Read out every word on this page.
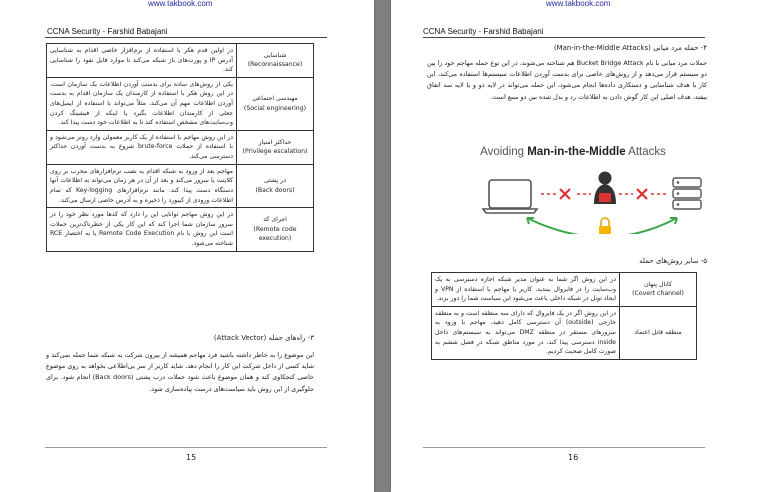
www.takbook.com
CCNA Security - Farshid Babajani
شناسایی
(Reconnaissance)	در اولین قدم هکر با استفاده از نرم‌افزار خاصی اقدام به شناسایی آدرس IP و پورت‌های باز شبکه می‌کند تا موارد قابل نفوذ را شناسایی کند.

مهندسی اجتماعی
(Social engineering)	یکی از روش‌های ساده برای بدست آوردن اطلاعات یک سازمان است، در این روش هکر با استفاده از کارمندان یک سازمان اقدام به بدست آوردن اطلاعات مهم آن می‌کند، مثلاً می‌تواند با استفاده از ایمیل‌های جعلی از کارمندان اطلاعات بگیرد یا اینکه از فیشینگ کردن وب‌سایت‌های مشخص استفاده کند تا به اطلاعات خود دست پیدا کند.

حداکثر امتیاز
(Privilege escalation)	در این روش مهاجم با استفاده از یک کاربر معمولی وارد روتر می‌شود و با استفاده از حملات brute-force شروع به بدست آوردن حداکثر دسترسی می‌کند.

در پشتی
(Back doors)	مهاجم بعد از ورود به شبکه اقدام به نصب نرم‌افزارهای مخرب بر روی کلاینت یا سرور می‌کند و بعد از آن در هر زمان می‌تواند به اطلاعات آنها دستگاه دست پیدا کند. مانند نرم‌افزارهای Key-logging که تمام اطلاعات ورودی از کیبورد را ذخیره و به آدرس خاصی ارسال می‌کند.

اجرای کد
(Remote code execution)	در این روش مهاجم توانایی این را دارد که کدها مورد نظر خود را در سرور سازمان شما اجرا کند که این کار یکی از خطرناک‌ترین حملات است این روش با نام Remote Code Execution یا به اختصار RCE شناخته می‌شود.
۳- راه‌های حمله (Attack Vector)
این موضوع را به خاطر داشته باشید فرد مهاجم همیشه از بیرون شرکت به شبکه شما حمله نمی‌کند و شاید کسی از داخل شرکت این کار را انجام دهد، شاید کاربر از سر بی‌اطلاعی بخواهد به روی موضوع خاصی کنجکاوی کند و همان موضوع باعث شود حملات درب پشتی (Back doors) انجام شود. برای جلوگیری از این روش باید سیاست‌های درست پیاده‌سازی شود.
15
www.takbook.com
CCNA Security - Farshid Babajani
۴- حمله مرد میانی (Man-in-the-Middle Attacks)
حملات مرد میانی با نام Bucket Bridge Attack هم شناخته می‌شوند، در این نوع حمله مهاجم خود را بین دو سیستم قرار می‌دهد و از روش‌های خاصی برای بدست آوردن اطلاعات سیستم‌ها استفاده می‌کند، این کار با هدف شناسایی و دستکاری داده‌ها انجام می‌شود، این حمله می‌تواند در لایه دو و یا لایه سه اتفاق بیفتد، هدف اصلی این کار گوش دادن به اطلاعات رد و بدل شده بین دو منبع است.
Avoiding Man-in-the-Middle Attacks
۵- سایر روش‌های حمله
کانال پنهان
(Covert channel)	در این روش اگر شما به عنوان مدیر شبکه اجازه دسترسی به یک وب‌سایت را در فایروال ببندید، کاربر یا مهاجم با استفاده از VPN و ایجاد تونل در شبکه داخلی باعث می‌شود این سیاست شما را دور بزند.

منطقه قابل اعتماد	در این روش اگر در یک فایروال که دارای سه منطقه است و به منطقه خارجی (outside) آن دسترسی کامل دهید، مهاجم با ورود به سرورهای مستقر در منطقه DMZ می‌تواند به سیستم‌های داخل inside دسترسی پیدا کند، در مورد مناطق شبکه در فصل ششم به صورت کامل صحبت کردیم.
16
